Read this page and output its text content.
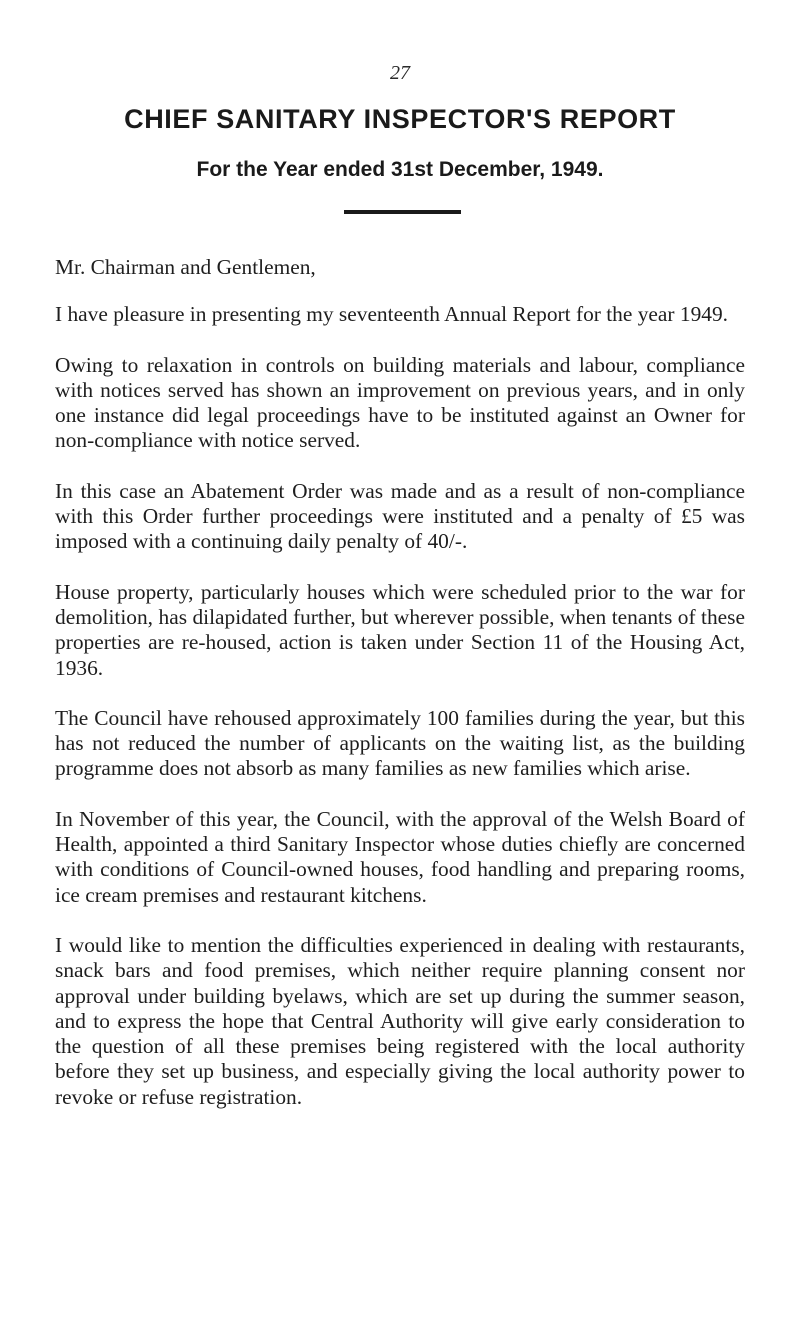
27
CHIEF SANITARY INSPECTOR'S REPORT
For the Year ended 31st December, 1949.

Mr. Chairman and Gentlemen,

I have pleasure in presenting my seventeenth Annual Report for the year 1949.

Owing to relaxation in controls on building materials and labour, compliance with notices served has shown an improvement on previous years, and in only one instance did legal proceedings have to be instituted against an Owner for non-compliance with notice served.

In this case an Abatement Order was made and as a result of non-compliance with this Order further proceedings were instituted and a penalty of £5 was imposed with a continuing daily penalty of 40/-.

House property, particularly houses which were scheduled prior to the war for demolition, has dilapidated further, but wherever possible, when tenants of these properties are re-housed, action is taken under Section 11 of the Housing Act, 1936.

The Council have rehoused approximately 100 families during the year, but this has not reduced the number of applicants on the waiting list, as the building programme does not absorb as many families as new families which arise.

In November of this year, the Council, with the approval of the Welsh Board of Health, appointed a third Sanitary Inspector whose duties chiefly are concerned with conditions of Council-owned houses, food handling and preparing rooms, ice cream premises and restaurant kitchens.

I would like to mention the difficulties experienced in dealing with restaurants, snack bars and food premises, which neither require planning consent nor approval under building byelaws, which are set up during the summer season, and to express the hope that Central Authority will give early consideration to the question of all these premises being registered with the local authority before they set up business, and especially giving the local authority power to revoke or refuse registration.
